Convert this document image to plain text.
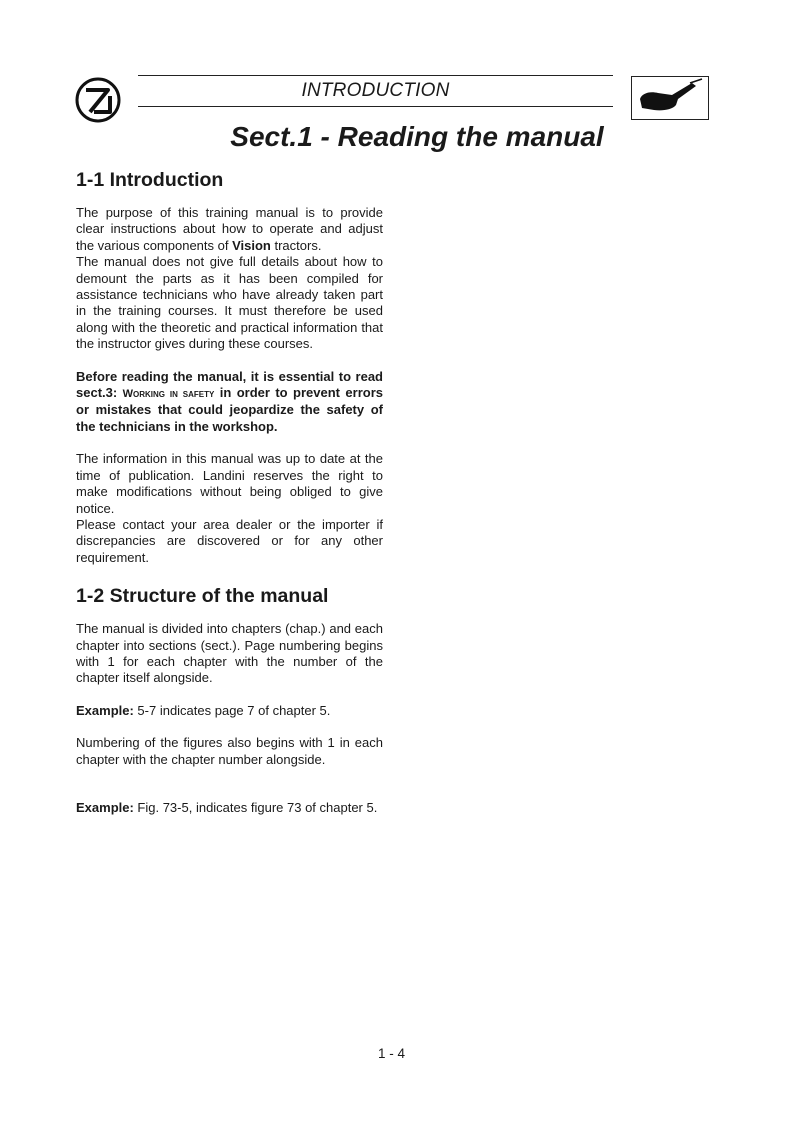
INTRODUCTION
Sect.1 - Reading the manual
1-1 Introduction

The purpose of this training manual is to provide clear instructions about how to operate and adjust the various components of Vision tractors.

The manual does not give full details about how to demount the parts as it has been compiled for assistance technicians who have already taken part in the training courses. It must therefore be used along with the theoretic and practical information that the instructor gives during these courses.

Before reading the manual, it is essential to read sect.3: Working in safety in order to prevent errors or mistakes that could jeopardize the safety of the technicians in the workshop.

The information in this manual was up to date at the time of publication. Landini reserves the right to make modifications without being obliged to give notice.

Please contact your area dealer or the importer if discrepancies are discovered or for any other requirement.

1-2 Structure of the manual

The manual is divided into chapters (chap.) and each chapter into sections (sect.). Page numbering begins with 1 for each chapter with the number of the chapter itself alongside.

Example: 5-7 indicates page 7 of chapter 5.

Numbering of the figures also begins with 1 in each chapter with the chapter number alongside.

Example: Fig. 73-5, indicates figure 73 of chapter 5.

1 - 4
